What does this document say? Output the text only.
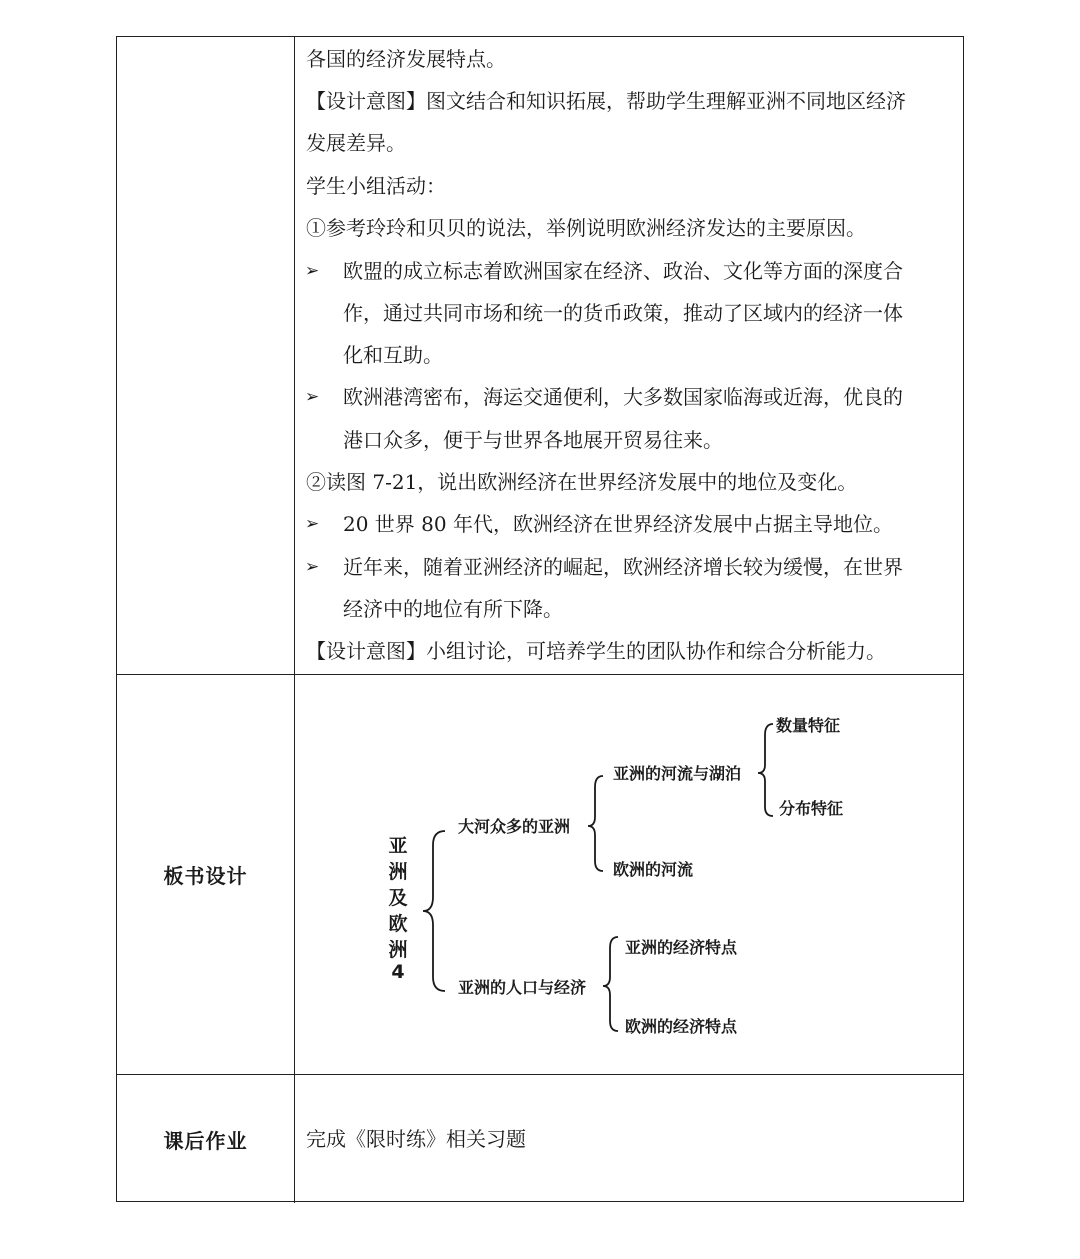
各国的经济发展特点。
【设计意图】图文结合和知识拓展，帮助学生理解亚洲不同地区经济
发展差异。
学生小组活动：
①参考玲玲和贝贝的说法，举例说明欧洲经济发达的主要原因。
➢ 欧盟的成立标志着欧洲国家在经济、政治、文化等方面的深度合
作，通过共同市场和统一的货币政策，推动了区域内的经济一体
化和互助。
➢ 欧洲港湾密布，海运交通便利，大多数国家临海或近海，优良的
港口众多，便于与世界各地展开贸易往来。
②读图 7-21，说出欧洲经济在世界经济发展中的地位及变化。
➢ 20 世界 80 年代，欧洲经济在世界经济发展中占据主导地位。
➢ 近年来，随着亚洲经济的崛起，欧洲经济增长较为缓慢，在世界
经济中的地位有所下降。
【设计意图】小组讨论，可培养学生的团队协作和综合分析能力。
板书设计
亚
洲
及
欧
洲
4
大河众多的亚洲
亚洲的河流与湖泊
数量特征
分布特征
欧洲的河流
亚洲的人口与经济
亚洲的经济特点
欧洲的经济特点
课后作业	完成《限时练》相关习题
